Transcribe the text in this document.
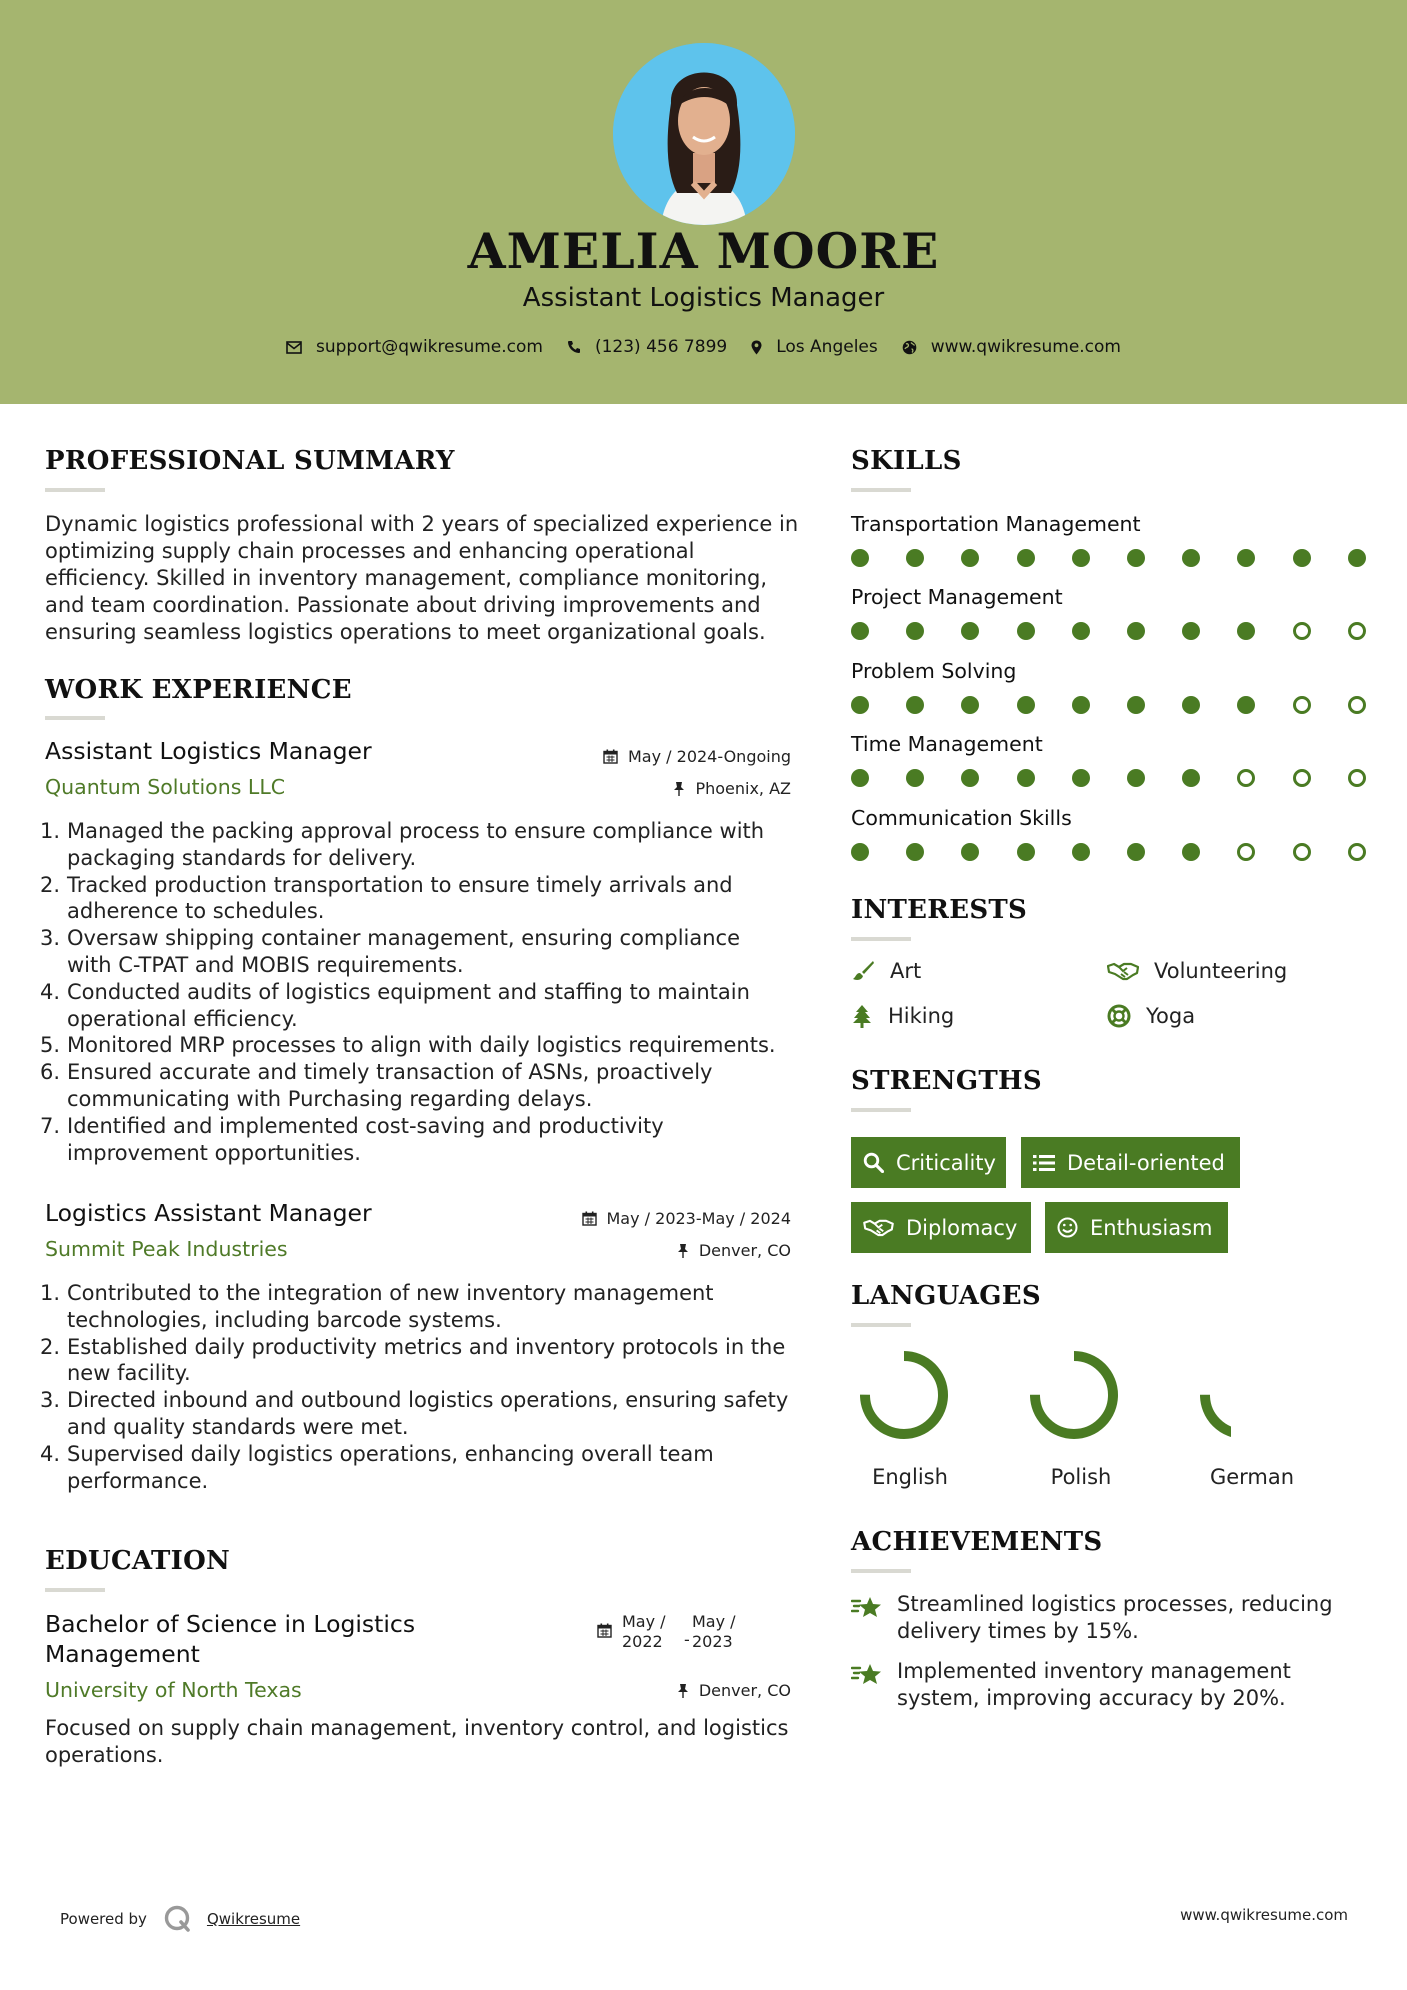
AMELIA MOORE
Assistant Logistics Manager
support@qwikresume.com	(123) 456 7899	Los Angeles	www.qwikresume.com
PROFESSIONAL SUMMARY
Dynamic logistics professional with 2 years of specialized experience in
optimizing supply chain processes and enhancing operational
efficiency. Skilled in inventory management, compliance monitoring,
and team coordination. Passionate about driving improvements and
ensuring seamless logistics operations to meet organizational goals.
WORK EXPERIENCE
Assistant Logistics Manager	May / 2024-Ongoing
Quantum Solutions LLC	Phoenix, AZ
1. Managed the packing approval process to ensure compliance with
packaging standards for delivery.
2. Tracked production transportation to ensure timely arrivals and
adherence to schedules.
3. Oversaw shipping container management, ensuring compliance
with C-TPAT and MOBIS requirements.
4. Conducted audits of logistics equipment and staffing to maintain
operational efficiency.
5. Monitored MRP processes to align with daily logistics requirements.
6. Ensured accurate and timely transaction of ASNs, proactively
communicating with Purchasing regarding delays.
7. Identified and implemented cost-saving and productivity
improvement opportunities.
Logistics Assistant Manager	May / 2023-May / 2024
Summit Peak Industries	Denver, CO
1. Contributed to the integration of new inventory management
technologies, including barcode systems.
2. Established daily productivity metrics and inventory protocols in the
new facility.
3. Directed inbound and outbound logistics operations, ensuring safety
and quality standards were met.
4. Supervised daily logistics operations, enhancing overall team
performance.
EDUCATION
Bachelor of Science in Logistics
Management
May /
2022	-
May /
2023
University of North Texas	Denver, CO
Focused on supply chain management, inventory control, and logistics
operations.
SKILLS
Transportation Management
Project Management
Problem Solving
Time Management
Communication Skills
INTERESTS
Art	Volunteering
Hiking	Yoga
STRENGTHS
Criticality	Detail-oriented
Diplomacy	Enthusiasm
LANGUAGES
English	Polish	German
ACHIEVEMENTS
Streamlined logistics processes, reducing
delivery times by 15%.
Implemented inventory management
system, improving accuracy by 20%.
Powered by	Qwikresume	www.qwikresume.com
